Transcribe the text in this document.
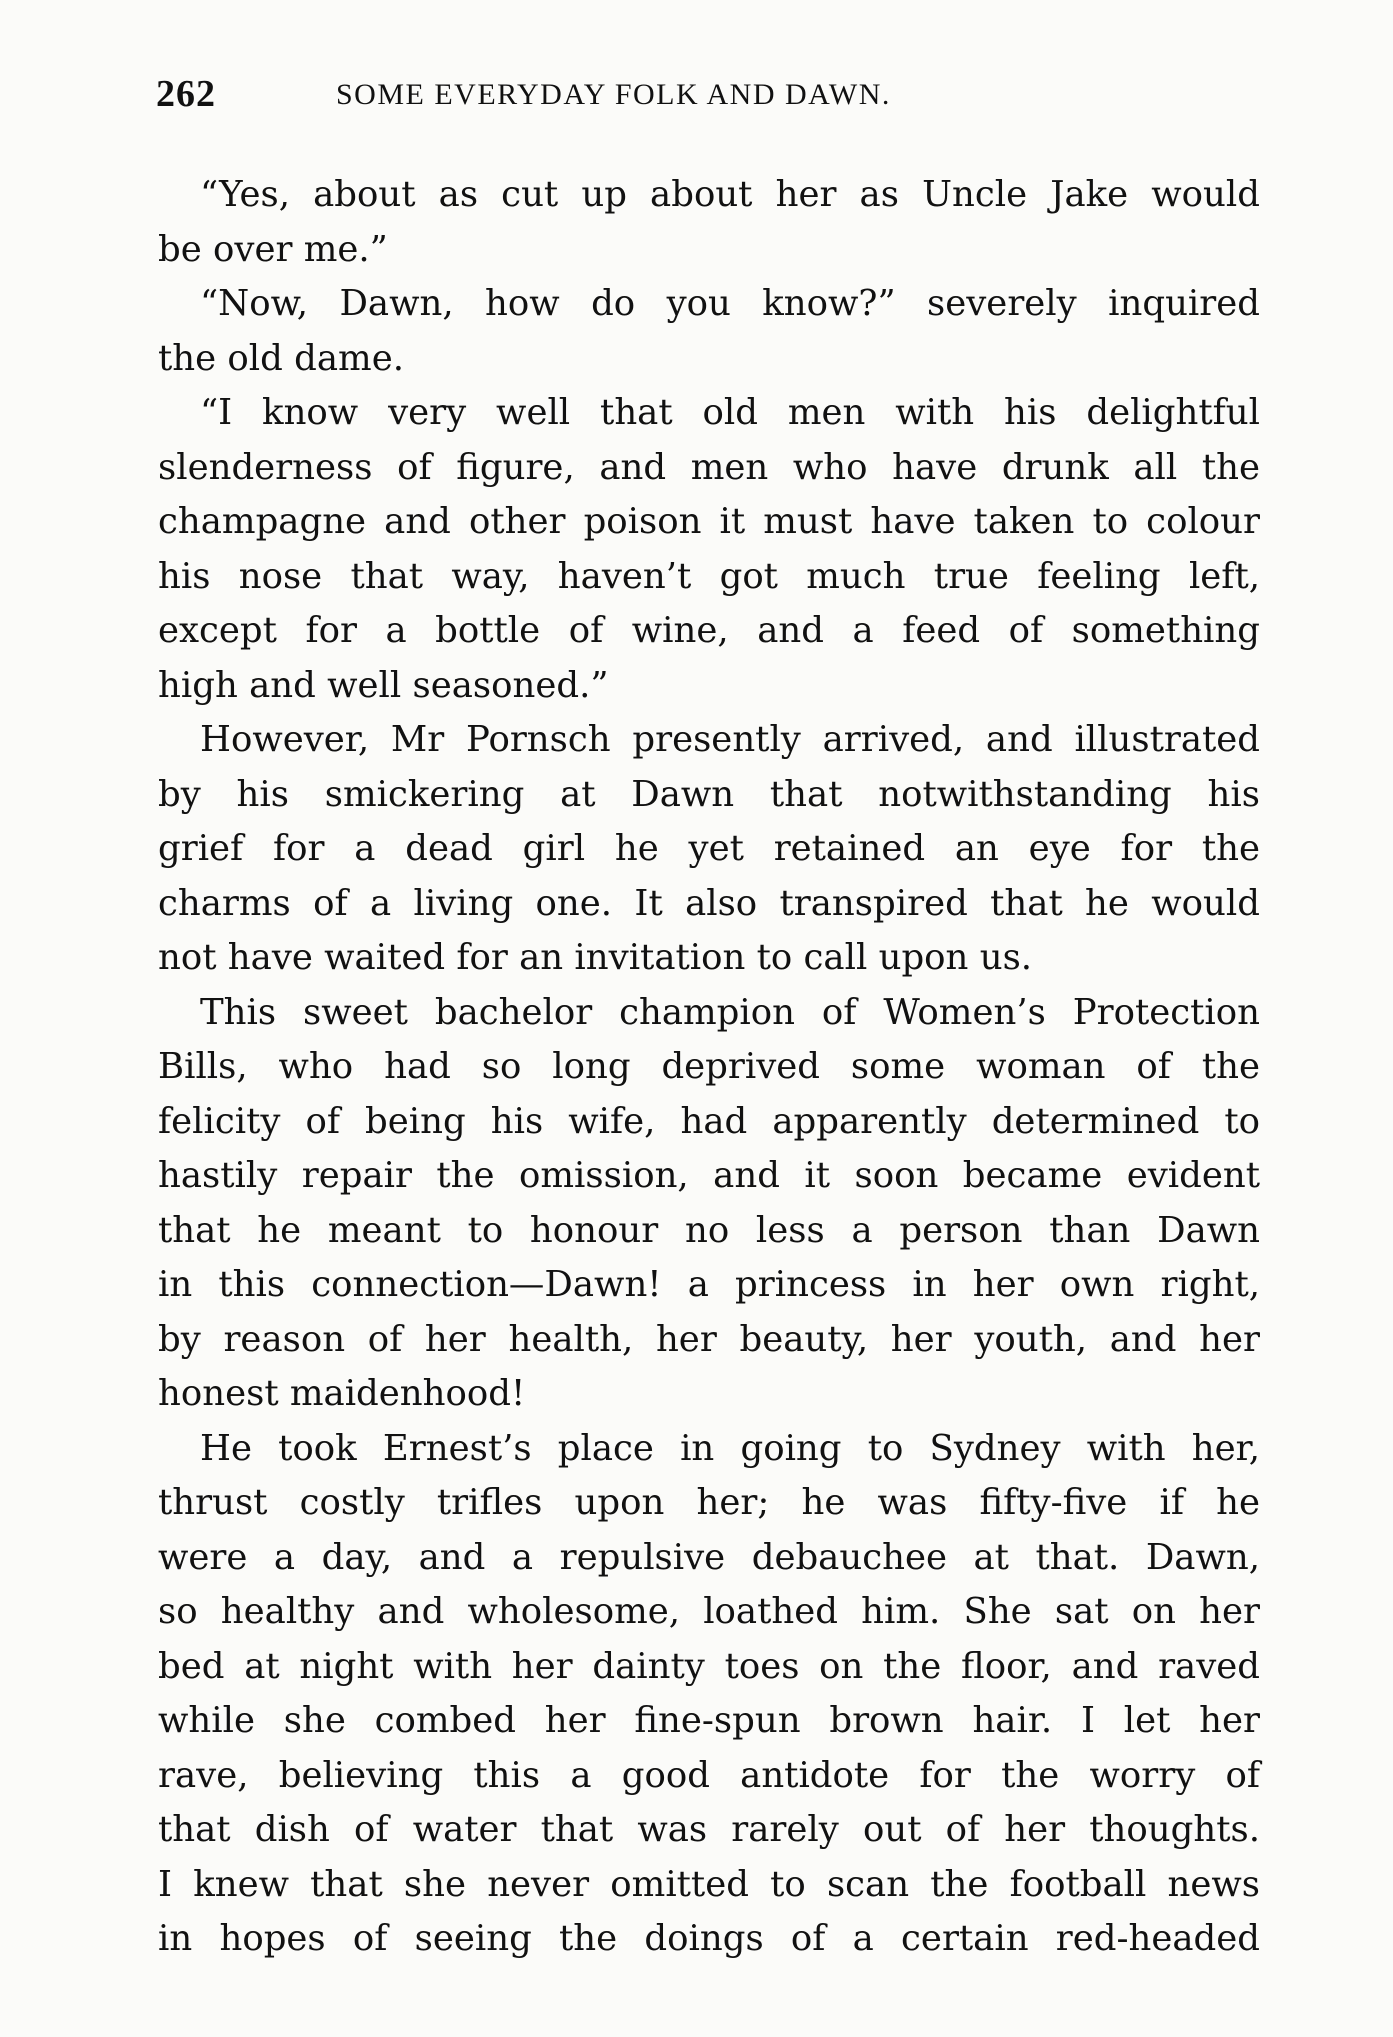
262	SOME EVERYDAY FOLK AND DAWN.
“Yes, about as cut up about her as Uncle Jake would
be over me.”
“Now, Dawn, how do you know?” severely inquired
the old dame.
“I know very well that old men with his delightful
slenderness of figure, and men who have drunk all the
champagne and other poison it must have taken to colour
his nose that way, haven’t got much true feeling left,
except for a bottle of wine, and a feed of something
high and well seasoned.”
However, Mr Pornsch presently arrived, and illustrated
by his smickering at Dawn that notwithstanding his
grief for a dead girl he yet retained an eye for the
charms of a living one. It also transpired that he would
not have waited for an invitation to call upon us.
This sweet bachelor champion of Women’s Protection
Bills, who had so long deprived some woman of the
felicity of being his wife, had apparently determined to
hastily repair the omission, and it soon became evident
that he meant to honour no less a person than Dawn
in this connection—Dawn! a princess in her own right,
by reason of her health, her beauty, her youth, and her
honest maidenhood!
He took Ernest’s place in going to Sydney with her,
thrust costly trifles upon her; he was fifty-five if he
were a day, and a repulsive debauchee at that. Dawn,
so healthy and wholesome, loathed him. She sat on her
bed at night with her dainty toes on the floor, and raved
while she combed her fine-spun brown hair. I let her
rave, believing this a good antidote for the worry of
that dish of water that was rarely out of her thoughts.
I knew that she never omitted to scan the football news
in hopes of seeing the doings of a certain red-headed
